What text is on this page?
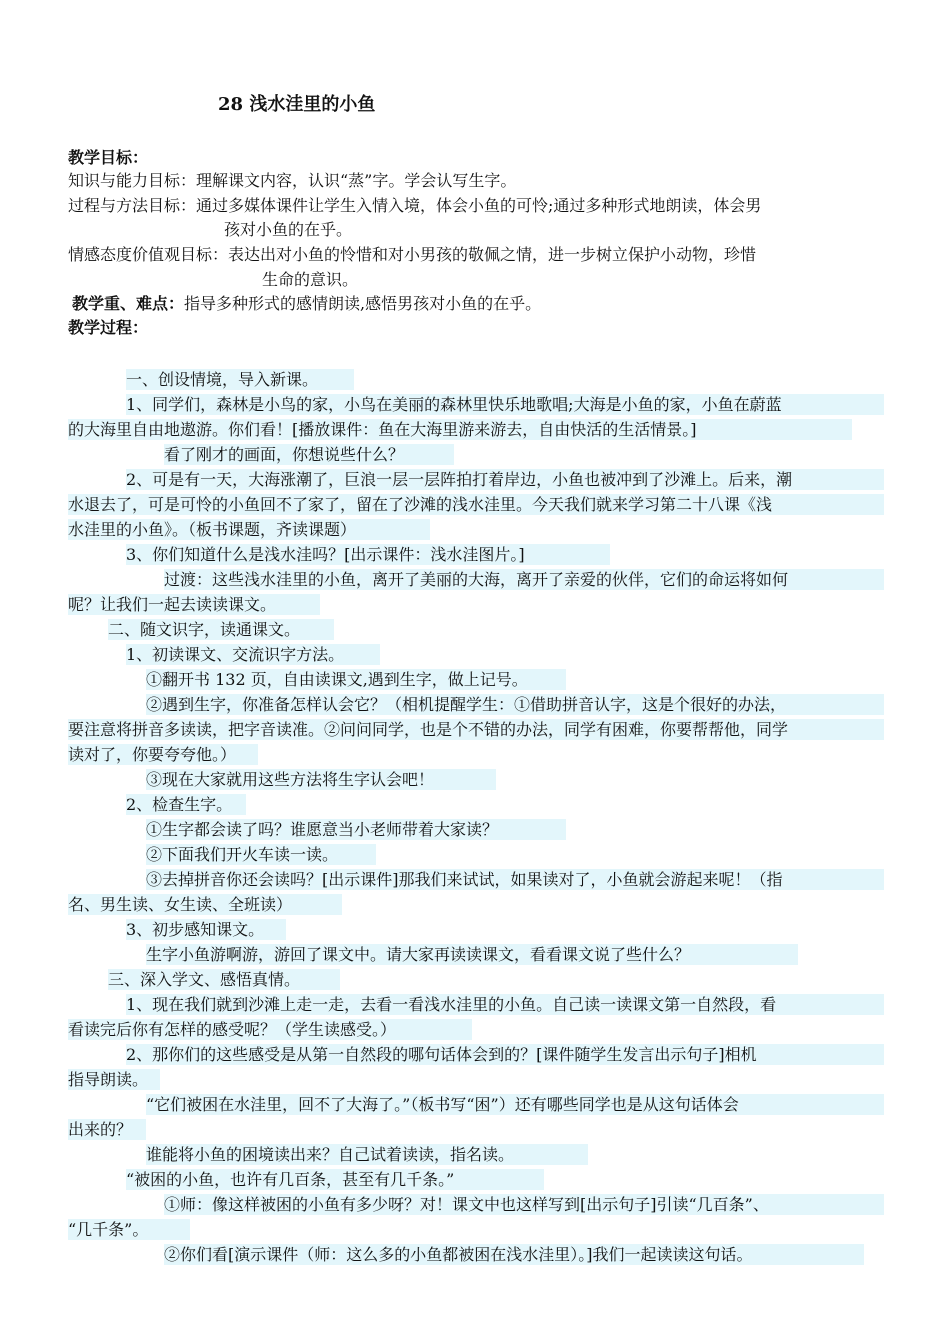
28 浅水洼里的小鱼
教学目标：
知识与能力目标：理解课文内容，认识“蒸”字。学会认写生字。
过程与方法目标：通过多媒体课件让学生入情入境，体会小鱼的可怜;通过多种形式地朗读，体会男
孩对小鱼的在乎。
情感态度价值观目标：表达出对小鱼的怜惜和对小男孩的敬佩之情，进一步树立保护小动物，珍惜
生命的意识。
教学重、难点：指导多种形式的感情朗读,感悟男孩对小鱼的在乎。
教学过程：
一、创设情境，导入新课。
1、同学们，森林是小鸟的家，小鸟在美丽的森林里快乐地歌唱;大海是小鱼的家，小鱼在蔚蓝
的大海里自由地遨游。你们看！[播放课件：鱼在大海里游来游去，自由快活的生活情景。]
看了刚才的画面，你想说些什么？
2、可是有一天，大海涨潮了，巨浪一层一层阵拍打着岸边，小鱼也被冲到了沙滩上。后来，潮
水退去了，可是可怜的小鱼回不了家了，留在了沙滩的浅水洼里。今天我们就来学习第二十八课《浅
水洼里的小鱼》。（板书课题，齐读课题）
3、你们知道什么是浅水洼吗？[出示课件：浅水洼图片。]
过渡：这些浅水洼里的小鱼，离开了美丽的大海，离开了亲爱的伙伴，它们的命运将如何
呢？让我们一起去读读课文。
二、随文识字，读通课文。
1、初读课文、交流识字方法。
①翻开书 132 页，自由读课文,遇到生字，做上记号。
②遇到生字，你准备怎样认会它？（相机提醒学生：①借助拼音认字，这是个很好的办法，
要注意将拼音多读读，把字音读准。②问问同学，也是个不错的办法，同学有困难，你要帮帮他，同学
读对了，你要夸夸他。）
③现在大家就用这些方法将生字认会吧！
2、检查生字。
①生字都会读了吗？谁愿意当小老师带着大家读？
②下面我们开火车读一读。
③去掉拼音你还会读吗？[出示课件]那我们来试试，如果读对了，小鱼就会游起来呢！（指
名、男生读、女生读、全班读）
3、初步感知课文。
生字小鱼游啊游，游回了课文中。请大家再读读课文，看看课文说了些什么？
三、深入学文、感悟真情。
1、现在我们就到沙滩上走一走，去看一看浅水洼里的小鱼。自己读一读课文第一自然段，看
看读完后你有怎样的感受呢？（学生读感受。）
2、那你们的这些感受是从第一自然段的哪句话体会到的？[课件随学生发言出示句子]相机
指导朗读。
“它们被困在水洼里，回不了大海了。”（板书写“困”）还有哪些同学也是从这句话体会
出来的？
谁能将小鱼的困境读出来？自己试着读读，指名读。
“被困的小鱼，也许有几百条，甚至有几千条。”
①师：像这样被困的小鱼有多少呀？对！课文中也这样写到[出示句子]引读“几百条”、
“几千条”。
②你们看[演示课件（师：这么多的小鱼都被困在浅水洼里）。]我们一起读读这句话。
